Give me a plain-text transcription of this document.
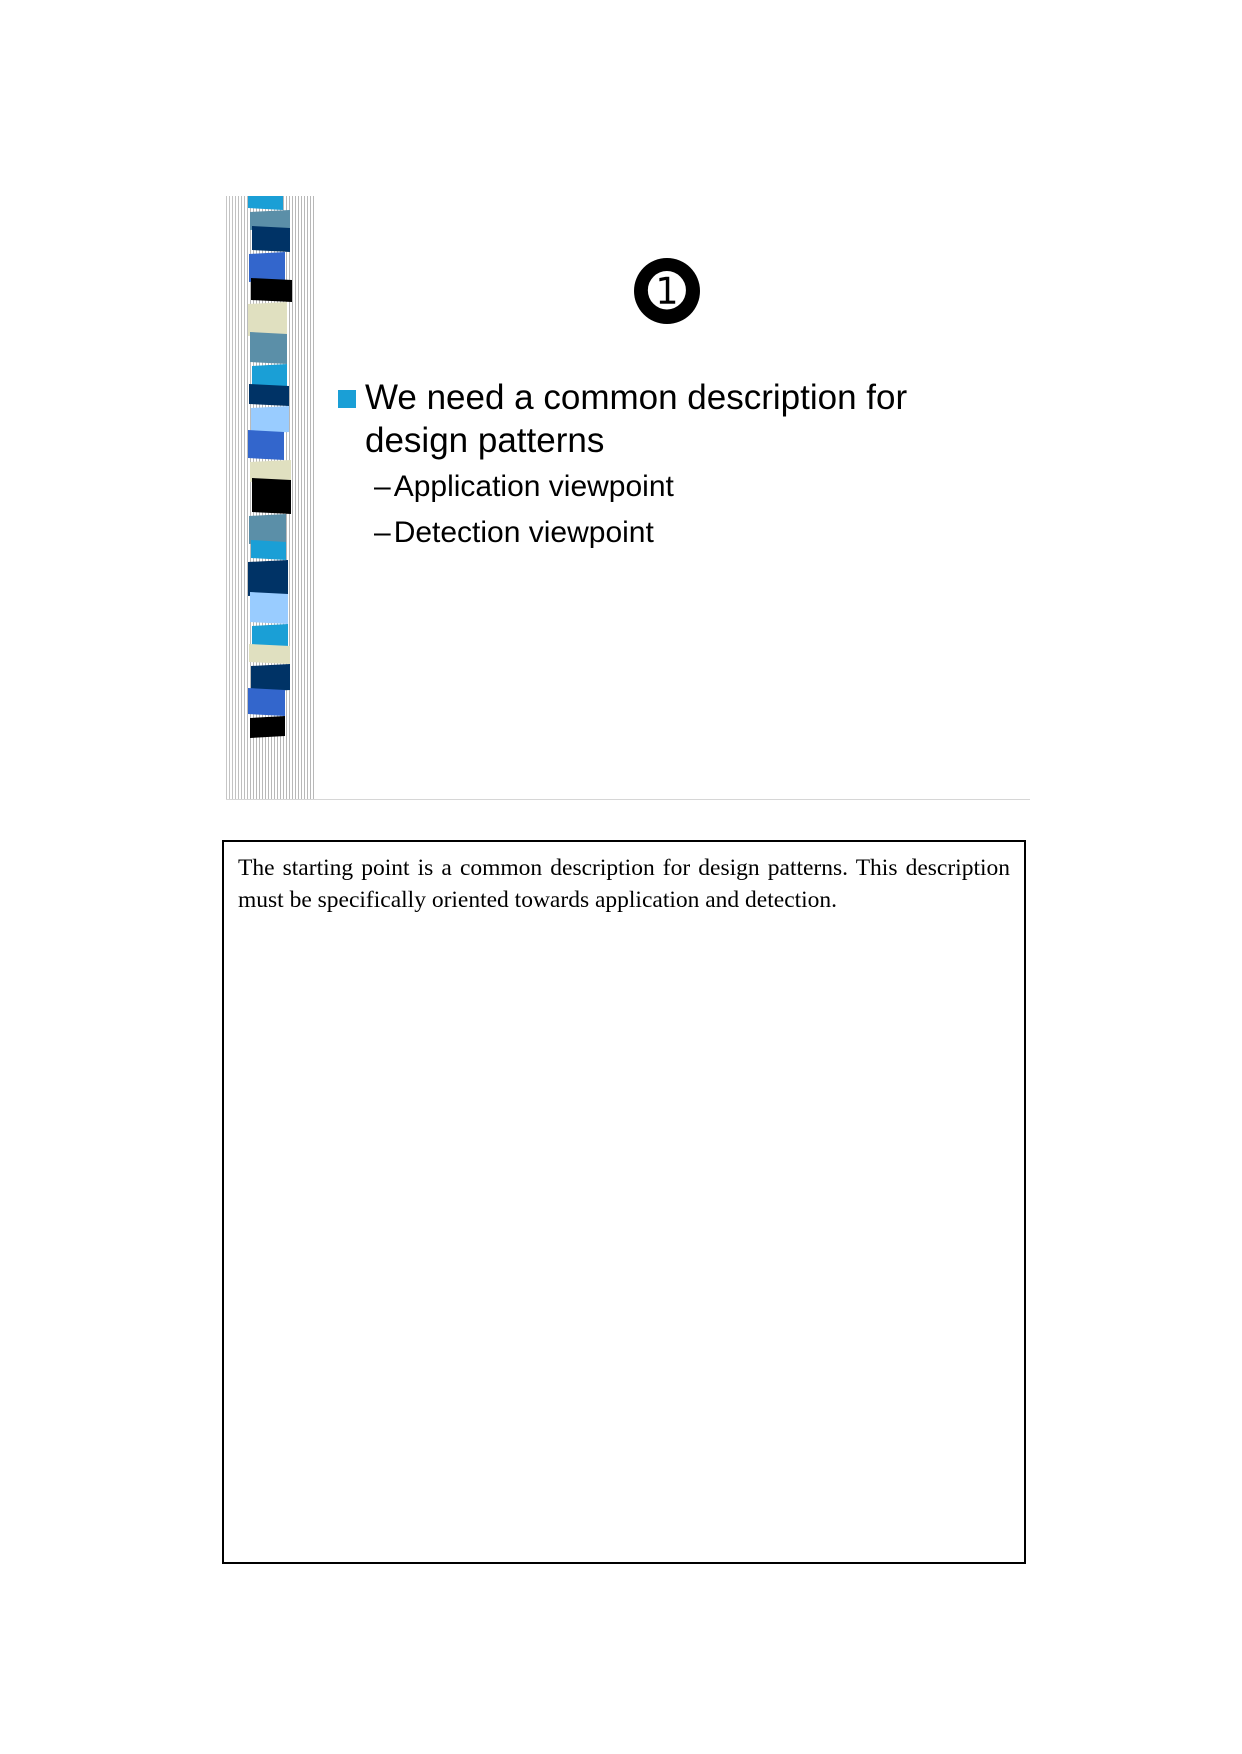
➊
We need a common description for design patterns
– Application viewpoint
– Detection viewpoint

The starting point is a common description for design patterns. This description must be specifically oriented towards application and detection.
